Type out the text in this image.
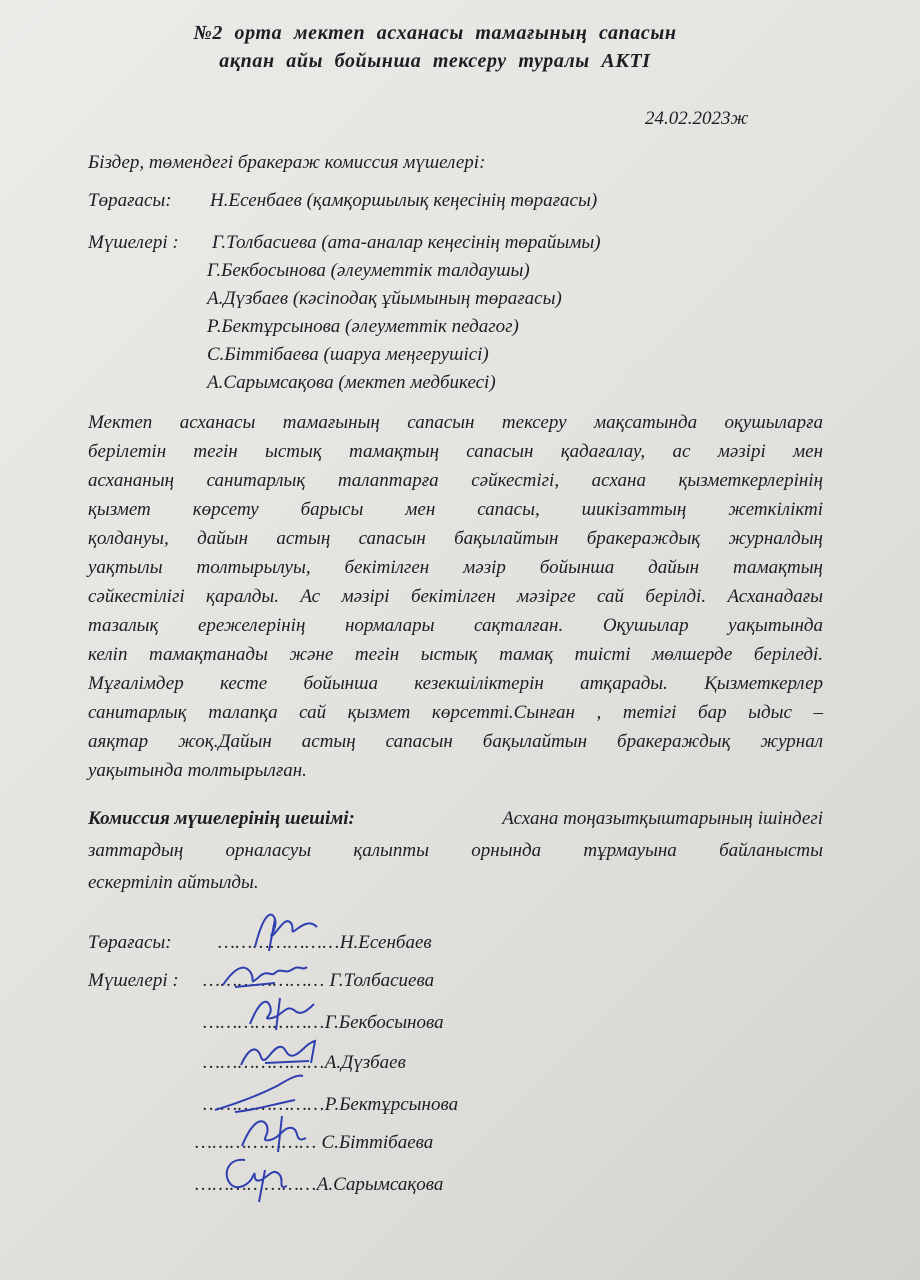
№2 орта мектеп асханасы тамағының сапасын
ақпан айы бойынша тексеру туралы АКТІ
24.02.2023ж
Біздер, төмендегі бракераж комиссия мүшелері:
Төрағасы: Н.Есенбаев (қамқоршылық кеңесінің төрағасы)
Мүшелері : Г.Толбасиева (ата-аналар кеңесінің төрайымы)
Г.Бекбосынова (әлеуметтік талдаушы)
А.Дүзбаев (кәсіподақ ұйымының төрағасы)
Р.Бектұрсынова (әлеуметтік педагог)
С.Біттібаева (шаруа меңгерушісі)
А.Сарымсақова (мектеп медбикесі)
Мектеп асханасы тамағының сапасын тексеру мақсатында оқушыларға
берілетін тегін ыстық тамақтың сапасын қадағалау, ас мәзірі мен
асхананың санитарлық талаптарға сәйкестігі, асхана қызметкерлерінің
қызмет көрсету барысы мен сапасы, шикізаттың жеткілікті
қолдануы, дайын астың сапасын бақылайтын бракераждық журналдың
уақтылы толтырылуы, бекітілген мәзір бойынша дайын тамақтың
сәйкестілігі қаралды. Ас мәзірі бекітілген мәзірге сай берілді. Асханадағы
тазалық ережелерінің нормалары сақталған. Оқушылар уақытында
келіп тамақтанады және тегін ыстық тамақ тиісті мөлшерде беріледі.
Мұғалімдер кесте бойынша кезекшіліктерін атқарады. Қызметкерлер
санитарлық талапқа сай қызмет көрсетті.Сынған , тетігі бар ыдыс –
аяқтар жоқ.Дайын астың сапасын бақылайтын бракераждық журнал
уақытында толтырылған.
Комиссия мүшелерінің шешімі:	Асхана тоңазытқыштарының ішіндегі
заттардың орналасуы қалыпты орнында тұрмауына байланысты
ескертіліп айтылды.
Төрағасы: …………………Н.Есенбаев
Мүшелері : ………………… Г.Толбасиева
…………………Г.Бекбосынова
…………………А.Дүзбаев
…………………Р.Бектұрсынова
………………… С.Біттібаева
…………………А.Сарымсақова
